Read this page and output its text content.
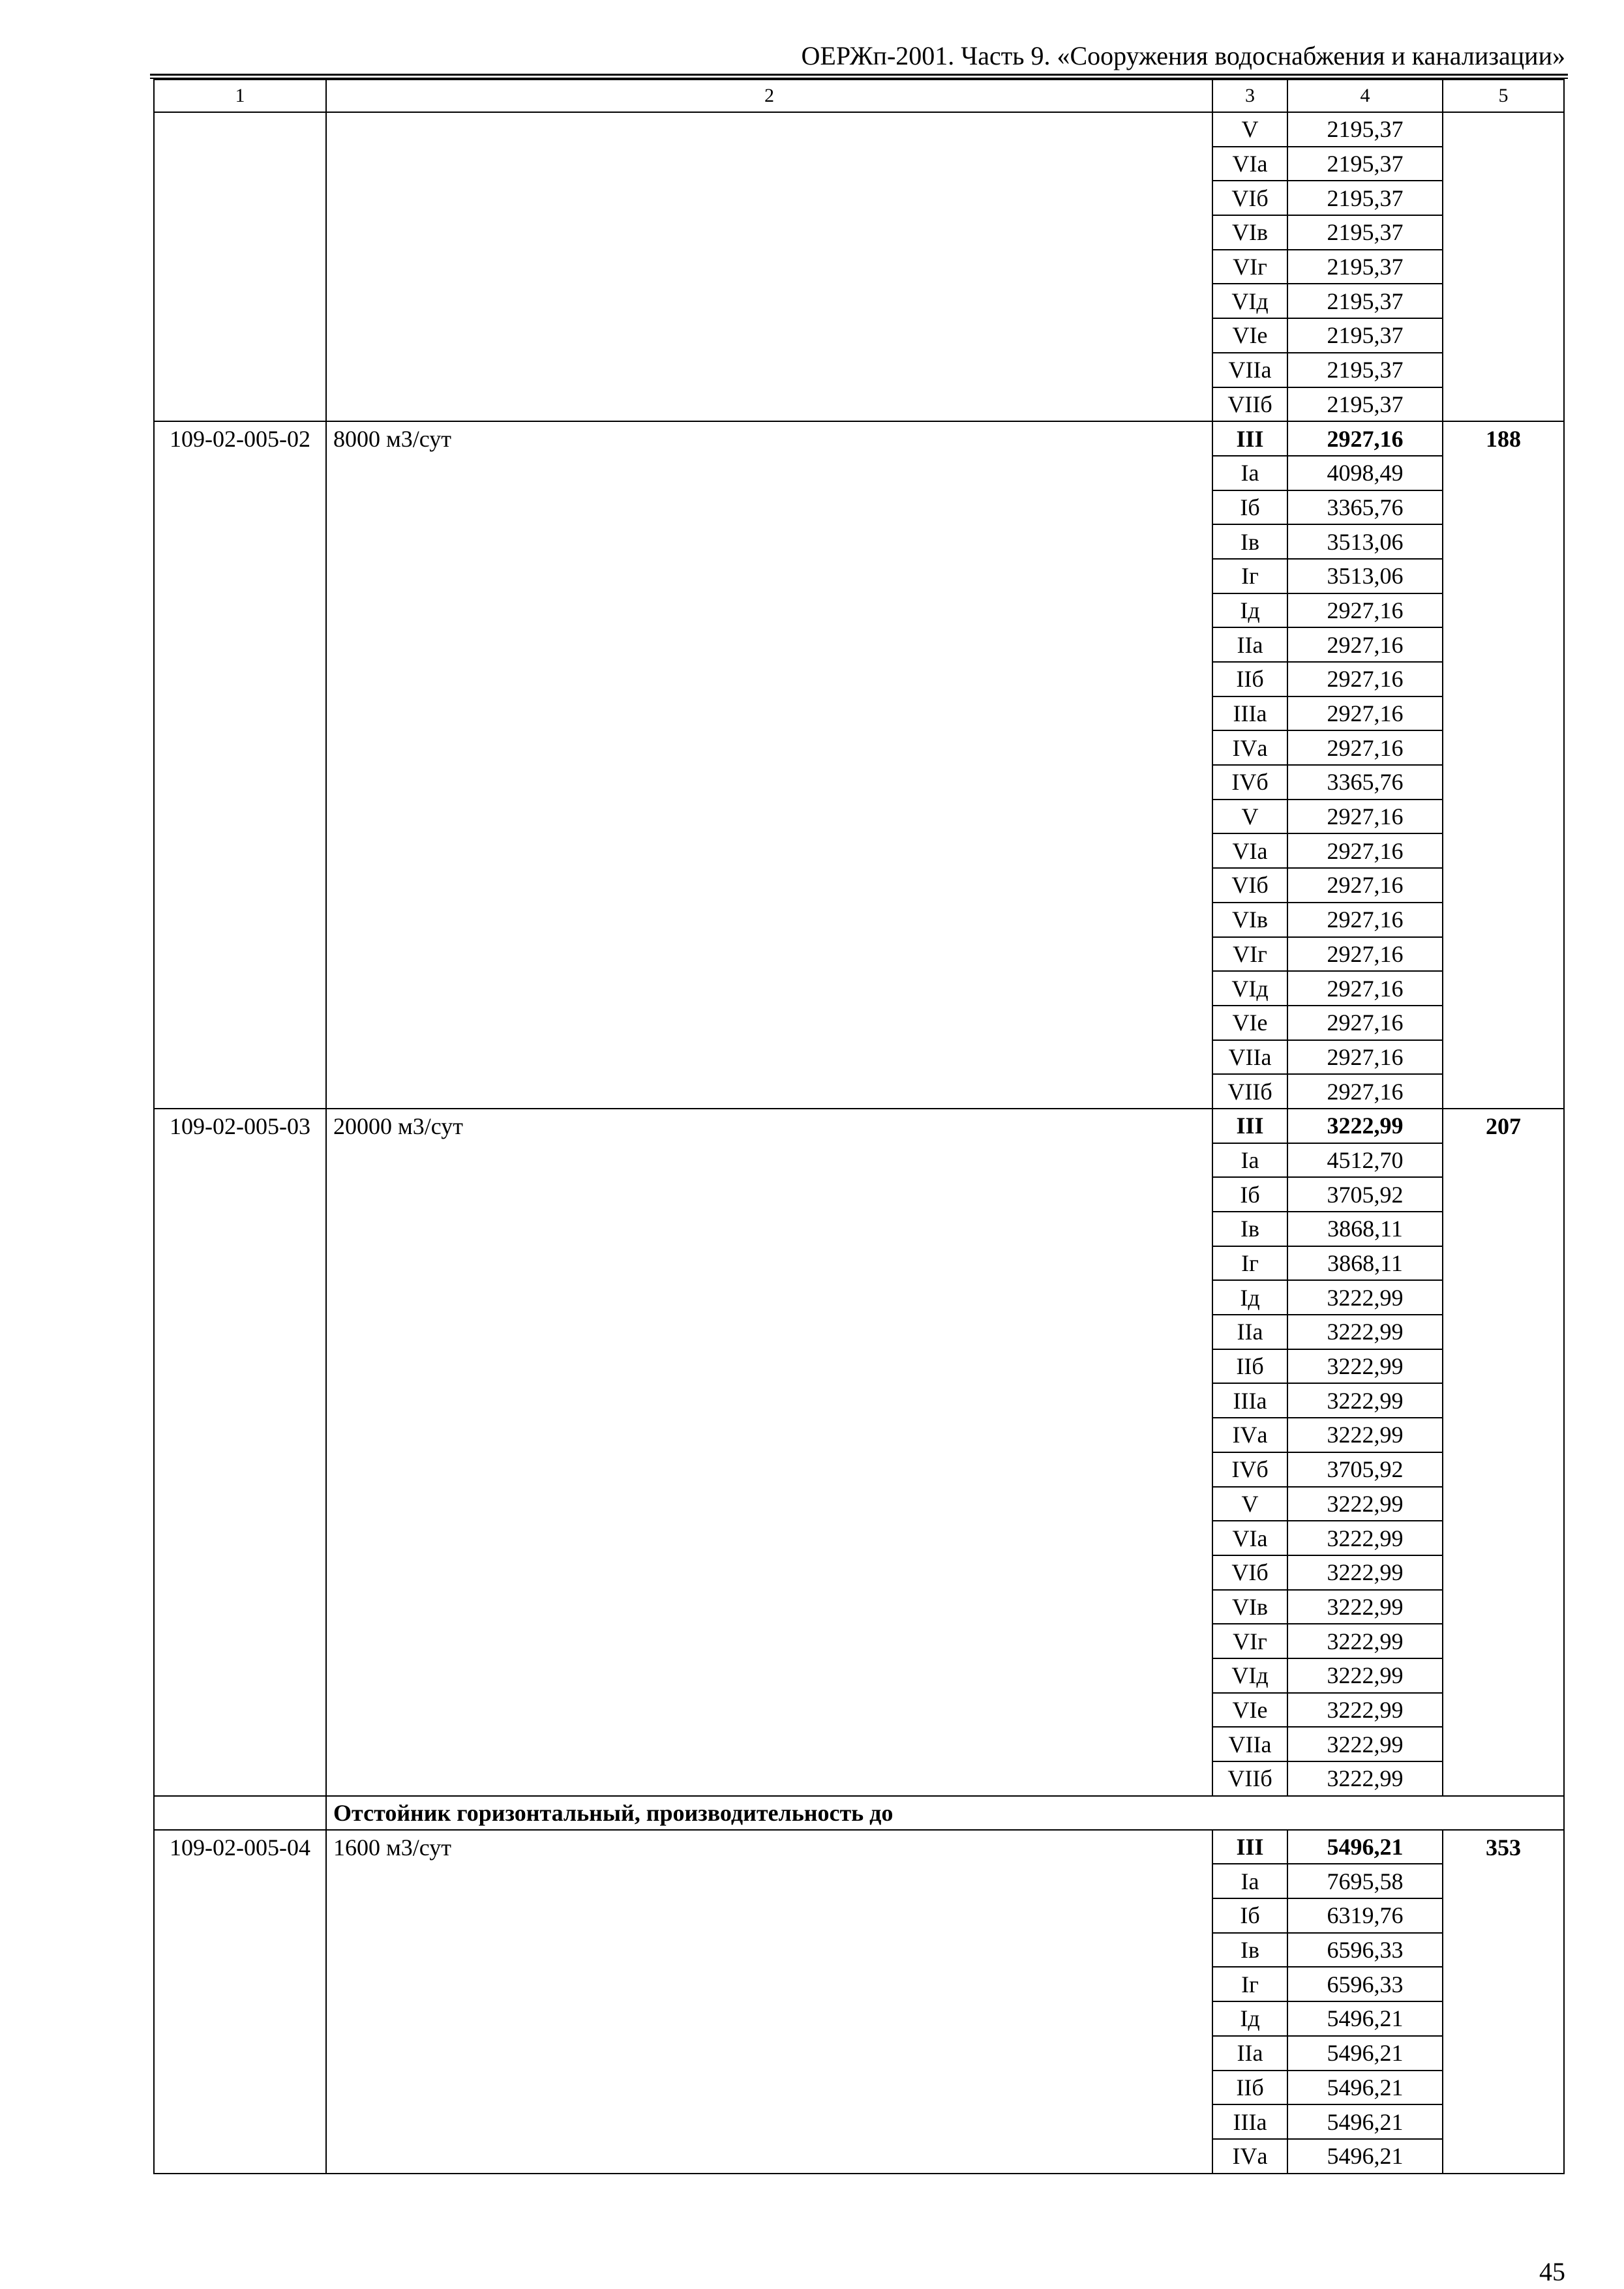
ОЕРЖп-2001. Часть 9. «Сооружения водоснабжения и канализации»
1	2	3	4	5
		V	2195,37	
		VIа	2195,37	
		VIб	2195,37	
		VIв	2195,37	
		VIг	2195,37	
		VIд	2195,37	
		VIе	2195,37	
		VIIа	2195,37	
		VIIб	2195,37	
109-02-005-02	8000 м3/сут	III	2927,16	188
		Iа	4098,49	
		Iб	3365,76	
		Iв	3513,06	
		Iг	3513,06	
		Iд	2927,16	
		IIа	2927,16	
		IIб	2927,16	
		IIIа	2927,16	
		IVа	2927,16	
		IVб	3365,76	
		V	2927,16	
		VIа	2927,16	
		VIб	2927,16	
		VIв	2927,16	
		VIг	2927,16	
		VIд	2927,16	
		VIе	2927,16	
		VIIа	2927,16	
		VIIб	2927,16	
109-02-005-03	20000 м3/сут	III	3222,99	207
		Iа	4512,70	
		Iб	3705,92	
		Iв	3868,11	
		Iг	3868,11	
		Iд	3222,99	
		IIа	3222,99	
		IIб	3222,99	
		IIIа	3222,99	
		IVа	3222,99	
		IVб	3705,92	
		V	3222,99	
		VIа	3222,99	
		VIб	3222,99	
		VIв	3222,99	
		VIг	3222,99	
		VIд	3222,99	
		VIе	3222,99	
		VIIа	3222,99	
		VIIб	3222,99	
	Отстойник горизонтальный, производительность до			
109-02-005-04	1600 м3/сут	III	5496,21	353
		Iа	7695,58	
		Iб	6319,76	
		Iв	6596,33	
		Iг	6596,33	
		Iд	5496,21	
		IIа	5496,21	
		IIб	5496,21	
		IIIа	5496,21	
		IVа	5496,21	
45
